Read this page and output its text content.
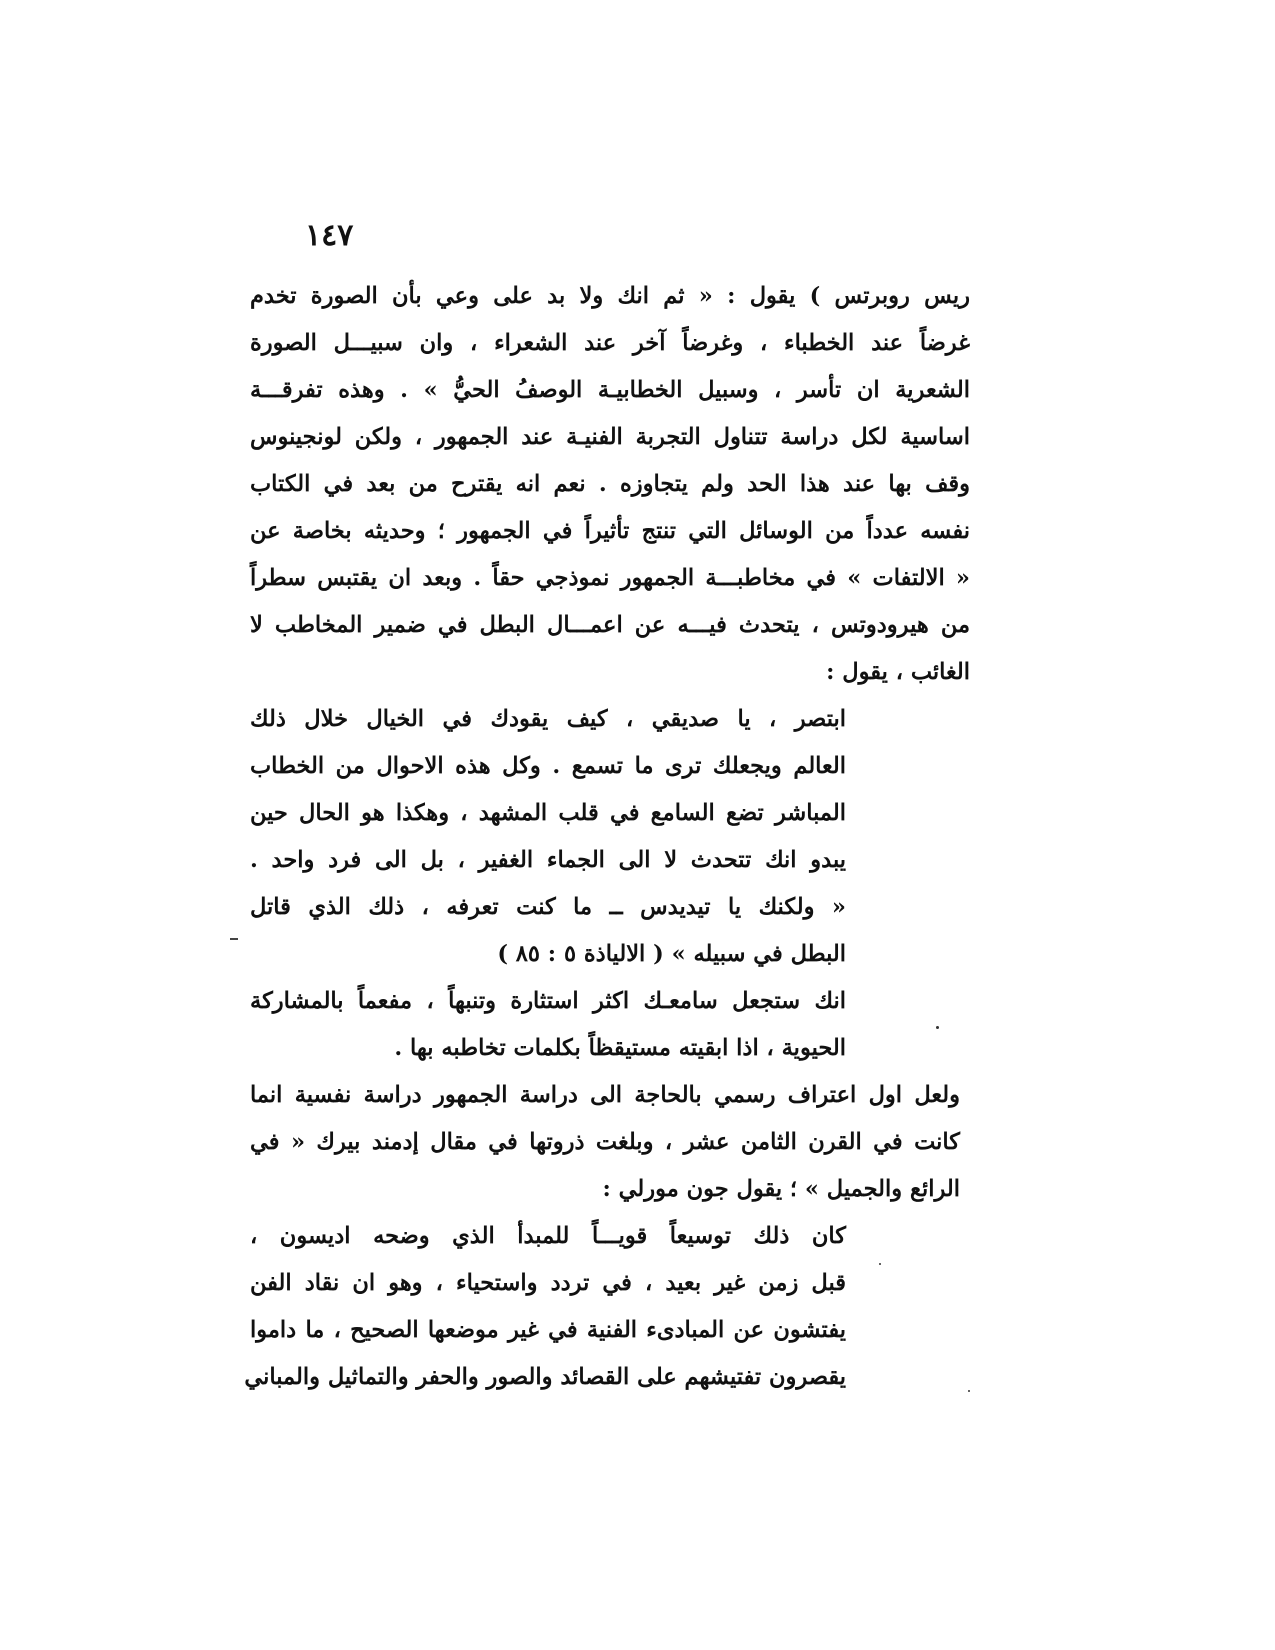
١٤٧
ريس روبرتس ) يقول : « ثم انك ولا بد على وعي بأن الصورة تخدم
غرضاً عند الخطباء ، وغرضاً آخر عند الشعراء ، وان سبيـــل الصورة
الشعرية ان تأسر ، وسبيل الخطابيـة الوصفُ الحيُّ » . وهذه تفرقـــة
اساسية لكل دراسة تتناول التجربة الفنيـة عند الجمهور ، ولكن لونجينوس
وقف بها عند هذا الحد ولم يتجاوزه . نعم انه يقترح من بعد في الكتاب
نفسه عدداً من الوسائل التي تنتج تأثيراً في الجمهور ؛ وحديثه بخاصة عن
« الالتفات » في مخاطبـــة الجمهور نموذجي حقاً . وبعد ان يقتبس سطراً
من هيرودوتس ، يتحدث فيـــه عن اعمـــال البطل في ضمير المخاطب لا
الغائب ، يقول :
ابتصر ، يا صديقي ، كيف يقودك في الخيال خلال ذلك
العالم ويجعلك ترى ما تسمع . وكل هذه الاحوال من الخطاب
المباشر تضع السامع في قلب المشهد ، وهكذا هو الحال حين
يبدو انك تتحدث لا الى الجماء الغفير ، بل الى فرد واحد .
« ولكنك يا تيديدس ــ ما كنت تعرفه ، ذلك الذي قاتل
البطل في سبيله » ( الالياذة ٥ : ٨٥ )
انك ستجعل سامعـك اكثر استثارة وتنبهاً ، مفعماً بالمشاركة
الحيوية ، اذا ابقيته مستيقظاً بكلمات تخاطبه بها .
ولعل اول اعتراف رسمي بالحاجة الى دراسة الجمهور دراسة نفسية انما
كانت في القرن الثامن عشر ، وبلغت ذروتها في مقال إدمند بيرك « في
الرائع والجميل » ؛ يقول جون مورلي :
كان ذلك توسيعاً قويـــاً للمبدأ الذي وضحه اديسون ،
قبل زمن غير بعيد ، في تردد واستحياء ، وهو ان نقاد الفن
يفتشون عن المبادىء الفنية في غير موضعها الصحيح ، ما داموا
يقصرون تفتيشهم على القصائد والصور والحفر والتماثيل والمباني
